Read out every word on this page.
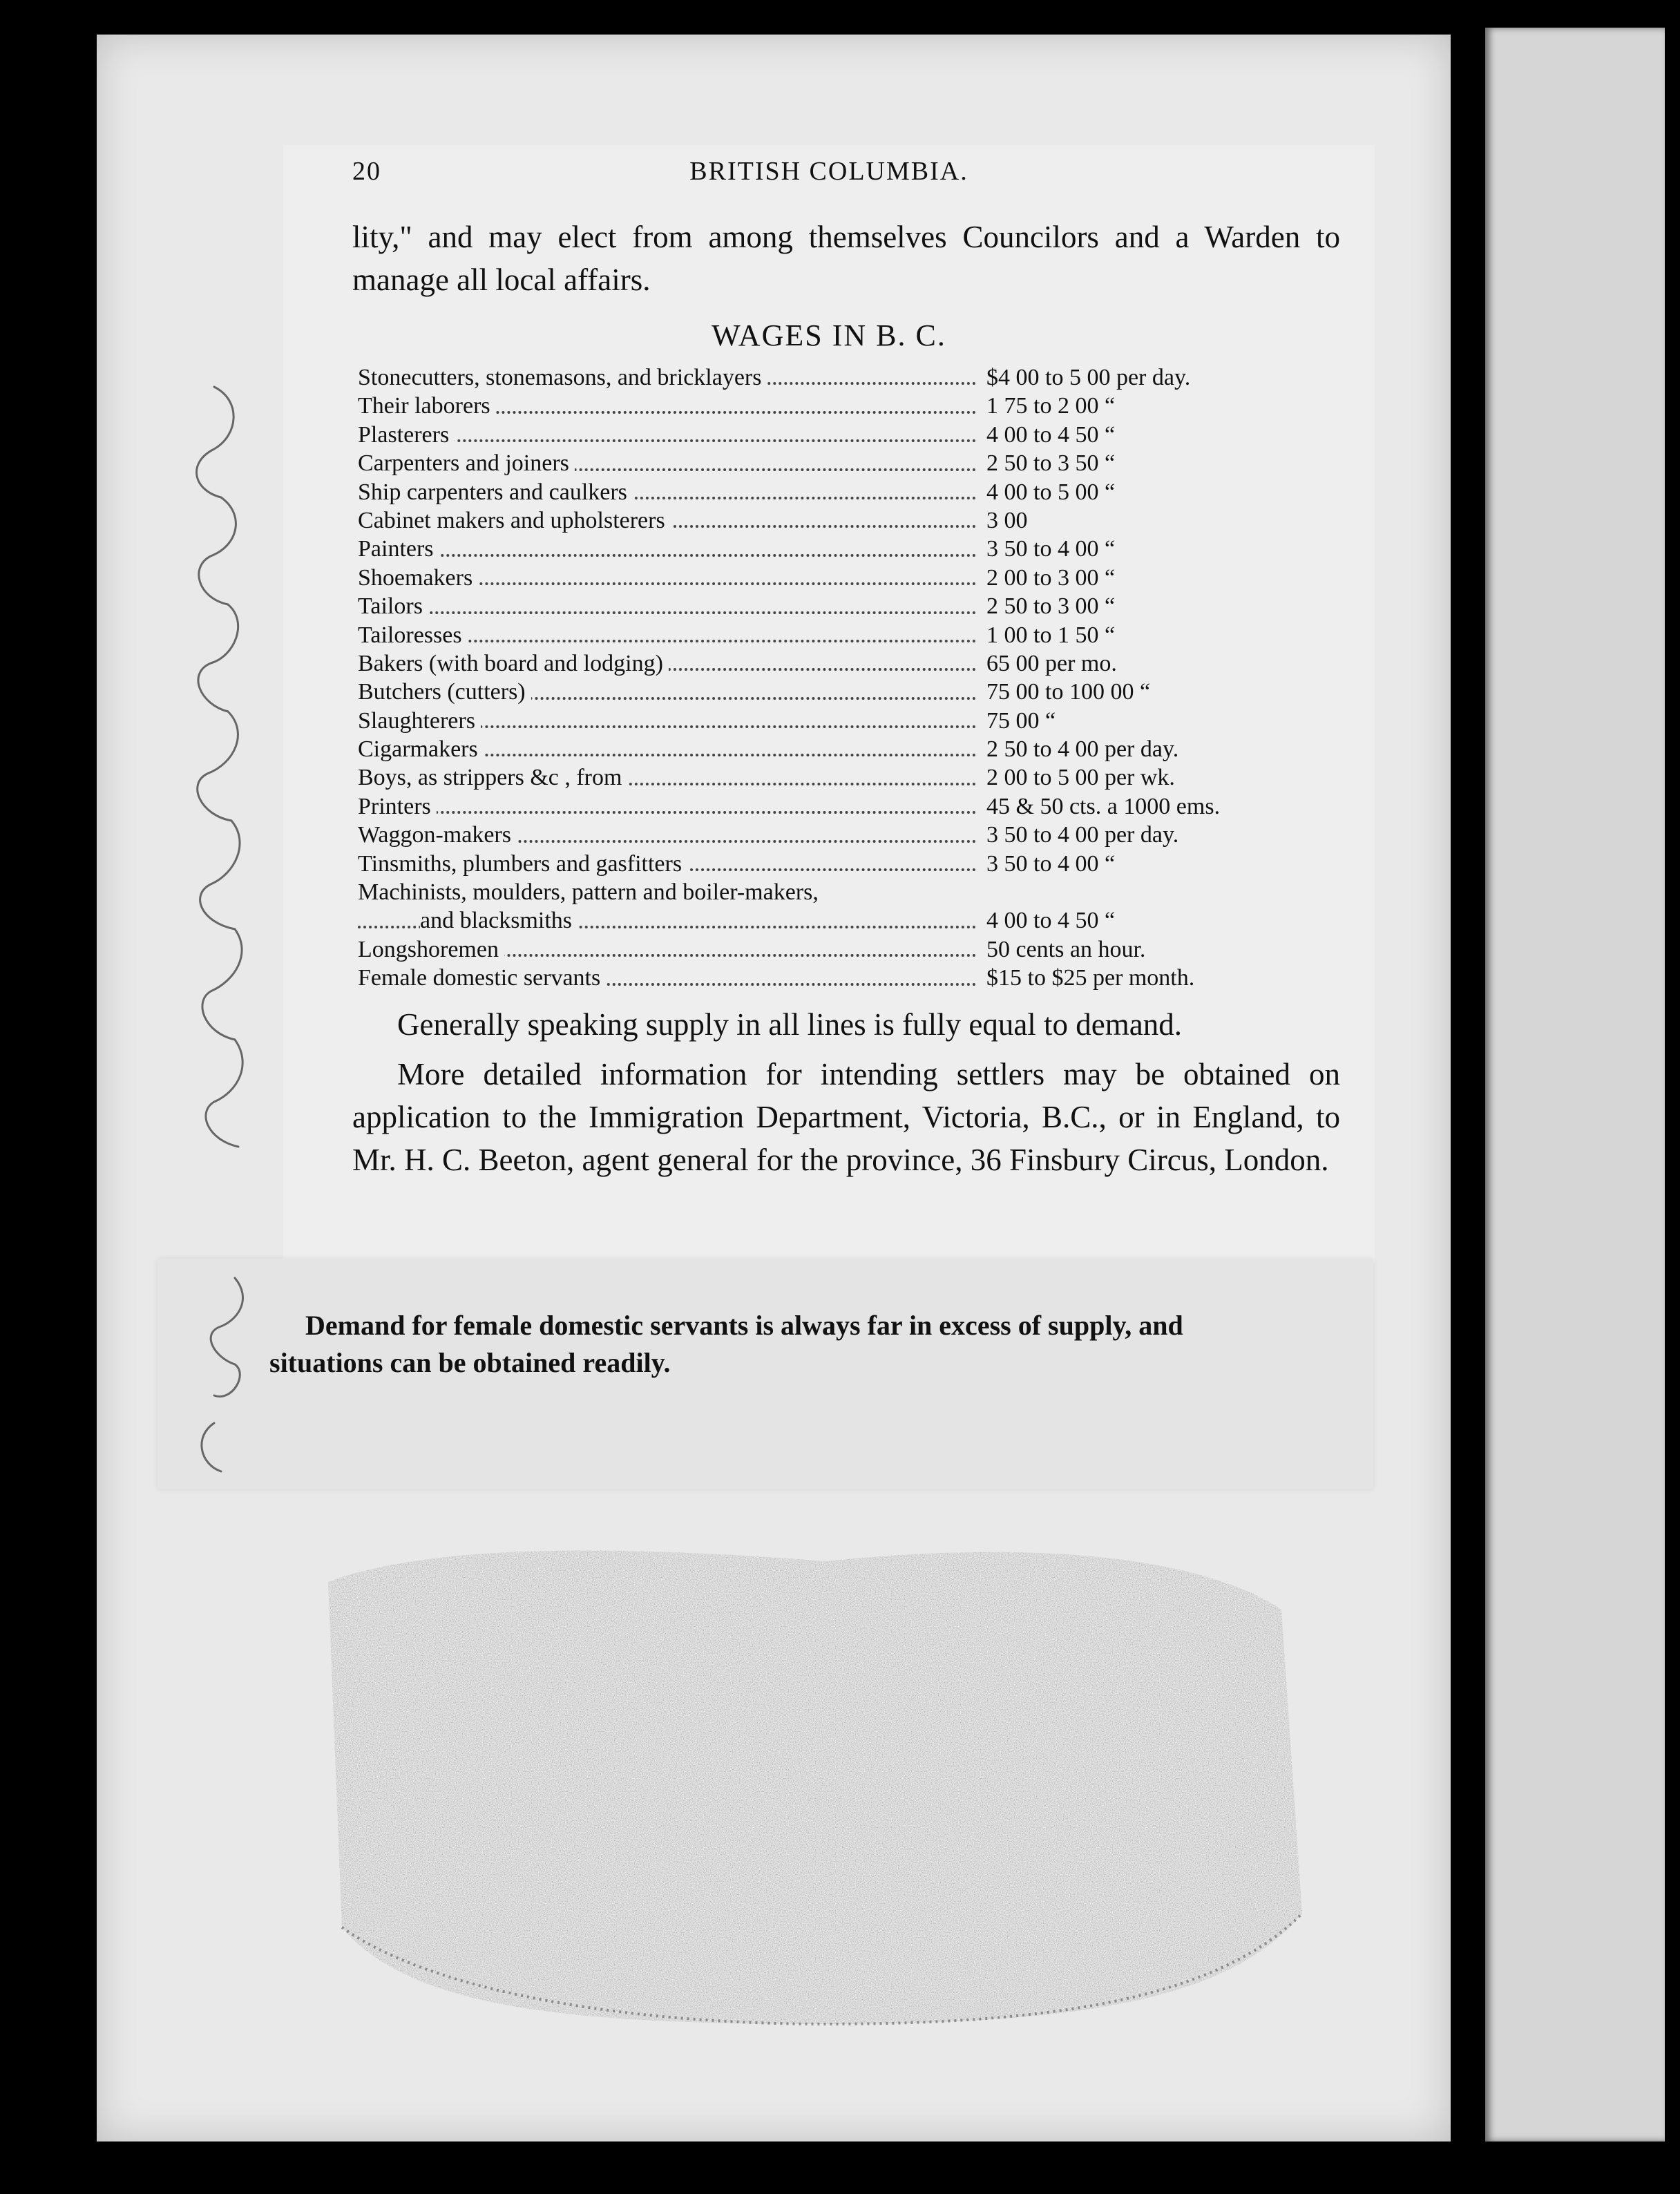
20	BRITISH COLUMBIA.
lity," and may elect from among themselves Councilors and a Warden to manage all local affairs.
WAGES IN B. C.
Stonecutters, stonemasons, and bricklayers	$4 00 to 5 00 per day.
Their laborers	1 75 to 2 00 “
Plasterers	4 00 to 4 50 “
Carpenters and joiners	2 50 to 3 50 “
Ship carpenters and caulkers	4 00 to 5 00 “
Cabinet makers and upholsterers	3 00
Painters	3 50 to 4 00 “
Shoemakers	2 00 to 3 00 “
Tailors	2 50 to 3 00 “
Tailoresses	1 00 to 1 50 “
Bakers (with board and lodging)	65 00 per mo.
Butchers (cutters)	75 00 to 100 00 “
Slaughterers	75 00 “
Cigarmakers	2 50 to 4 00 per day.
Boys, as strippers &c , from	2 00 to 5 00 per wk.
Printers	45 & 50 cts. a 1000 ems.
Waggon-makers	3 50 to 4 00 per day.
Tinsmiths, plumbers and gasfitters	3 50 to 4 00 “
Machinists, moulders, pattern and boiler-makers,
and blacksmiths	4 00 to 4 50 “
Longshoremen	50 cents an hour.
Female domestic servants	$15 to $25 per month.
Generally speaking supply in all lines is fully equal to demand.
More detailed information for intending settlers may be obtained on application to the Immigration Department, Victoria, B.C., or in England, to Mr. H. C. Beeton, agent general for the province, 36 Finsbury Circus, London.
Demand for female domestic servants is always far in excess of supply, and situations can be obtained readily.
